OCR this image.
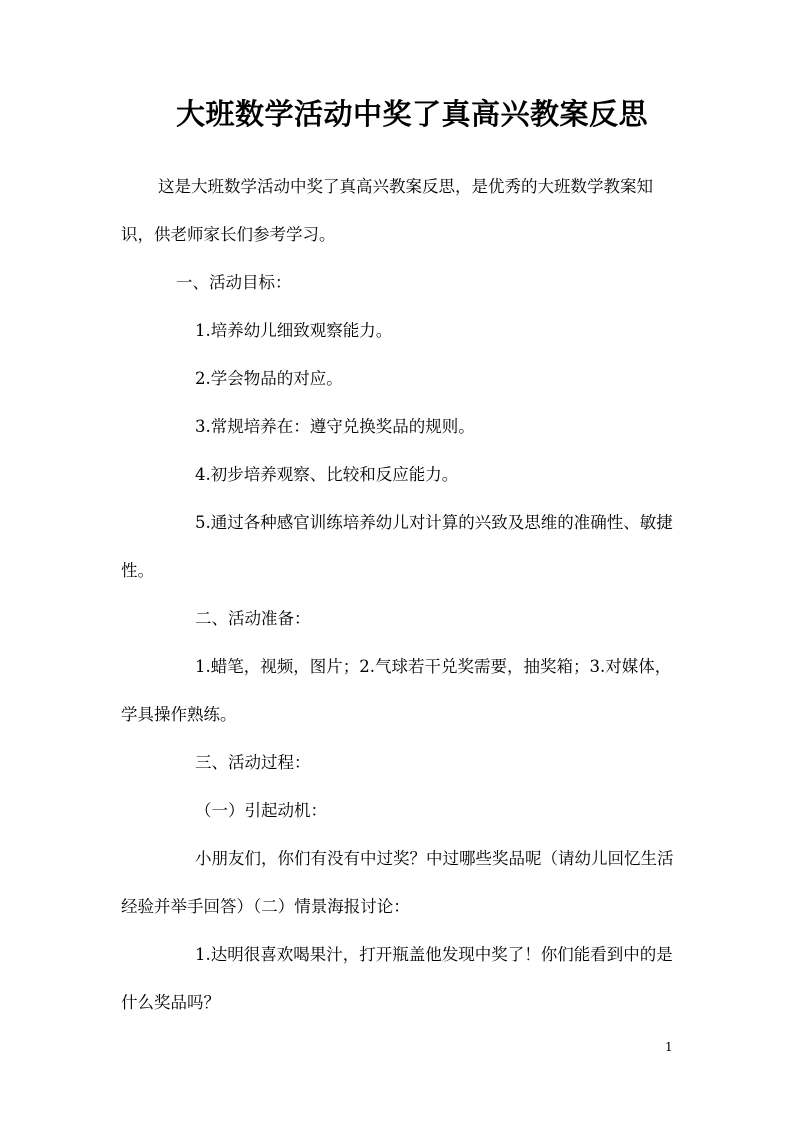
大班数学活动中奖了真高兴教案反思

这是大班数学活动中奖了真高兴教案反思，是优秀的大班数学教案知识，供老师家长们参考学习。

一、活动目标：

1.培养幼儿细致观察能力。

2.学会物品的对应。

3.常规培养在：遵守兑换奖品的规则。

4.初步培养观察、比较和反应能力。

5.通过各种感官训练培养幼儿对计算的兴致及思维的准确性、敏捷性。

二、活动准备：

1.蜡笔，视频，图片；2.气球若干兑奖需要，抽奖箱；3.对媒体，学具操作熟练。

三、活动过程：

（一）引起动机：

小朋友们，你们有没有中过奖？中过哪些奖品呢（请幼儿回忆生活经验并举手回答）（二）情景海报讨论：

1.达明很喜欢喝果汁，打开瓶盖他发现中奖了！你们能看到中的是什么奖品吗？

1
